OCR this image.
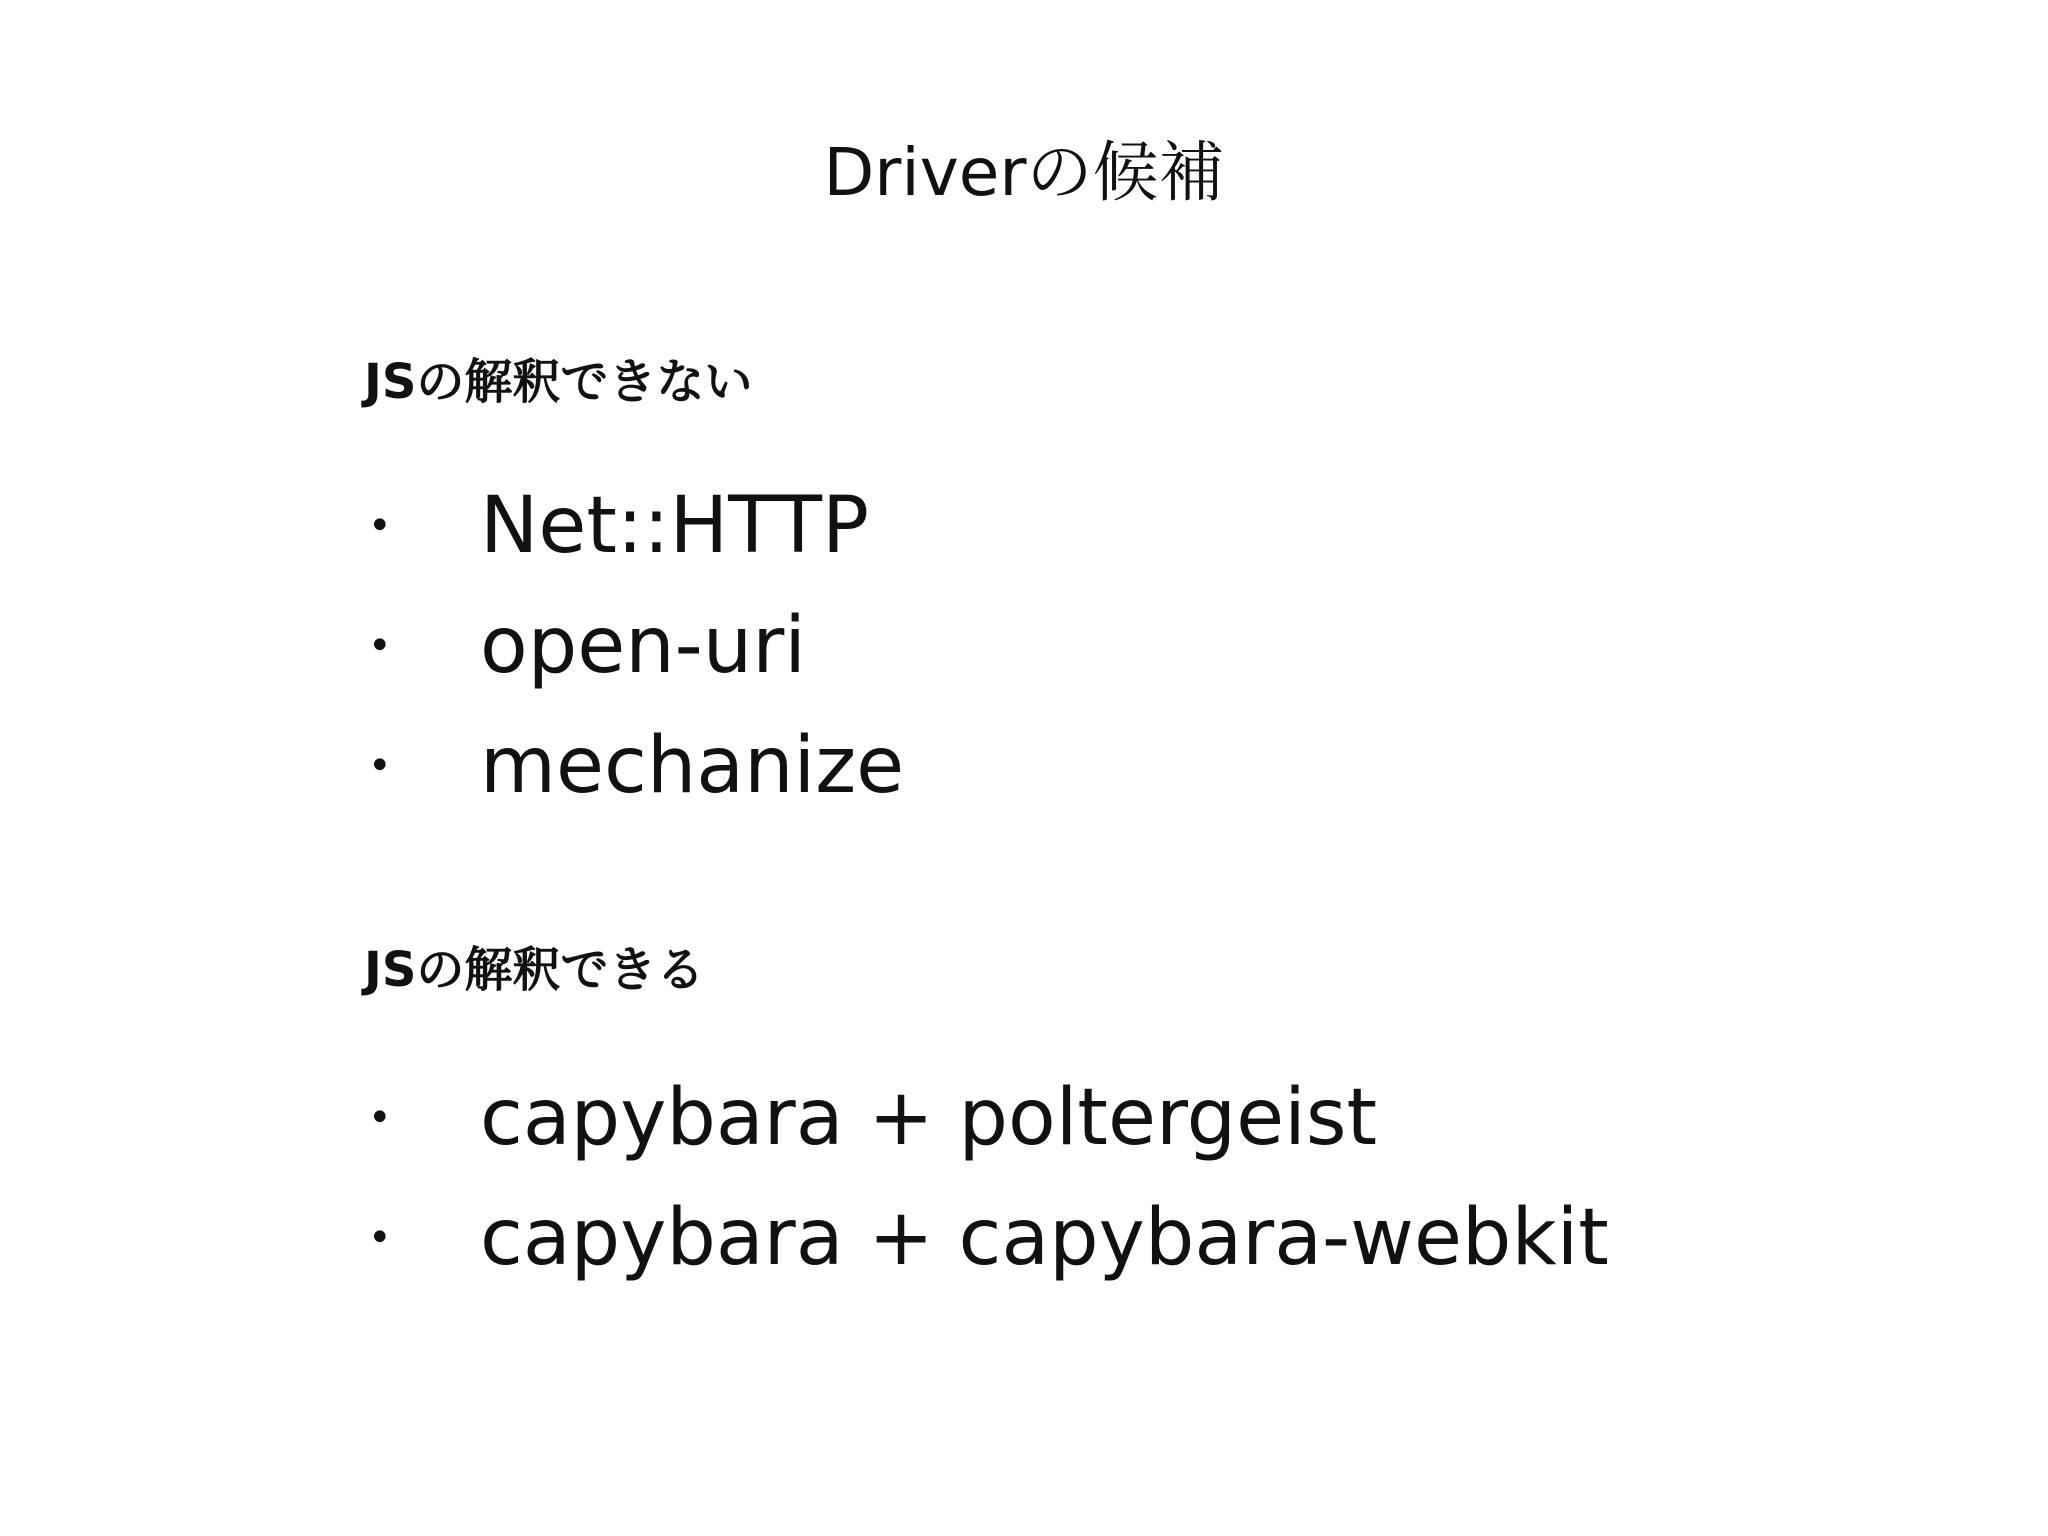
Driverの候補
JSの解釈できない
•	Net::HTTP
•	open-uri
•	mechanize
JSの解釈できる
•	capybara + poltergeist
•	capybara + capybara-webkit
